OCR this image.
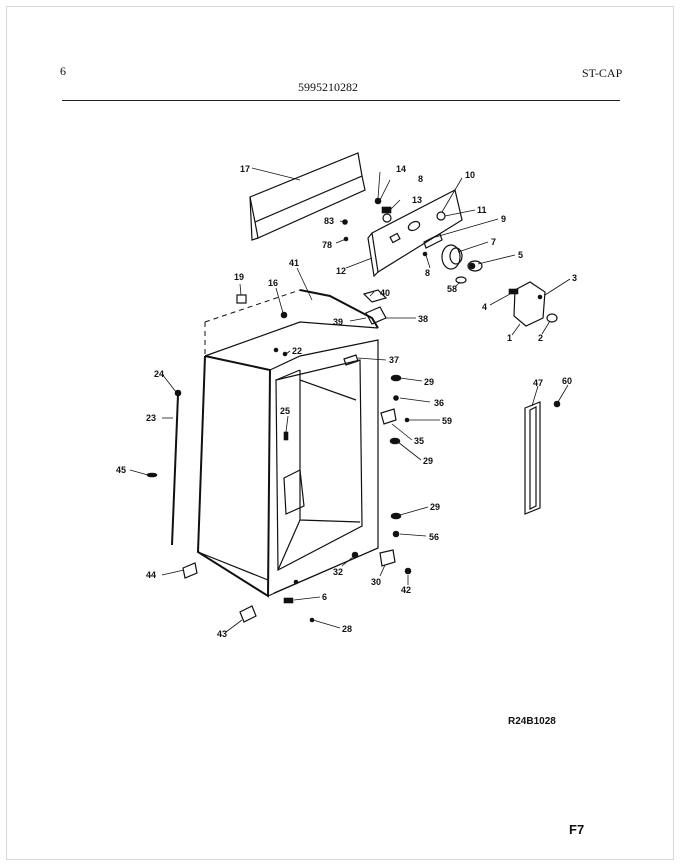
6
5995210282
ST-CAP
R24B1028
F7
17	14
8
13
10
11
9
83
78
12
7
8
5
58
3
4
1	2
19
41
16
40
39	38
22
37
24
29
36
23
25
59
35
29
45
47 60
29
56
44	32
30
42
6
43	28
